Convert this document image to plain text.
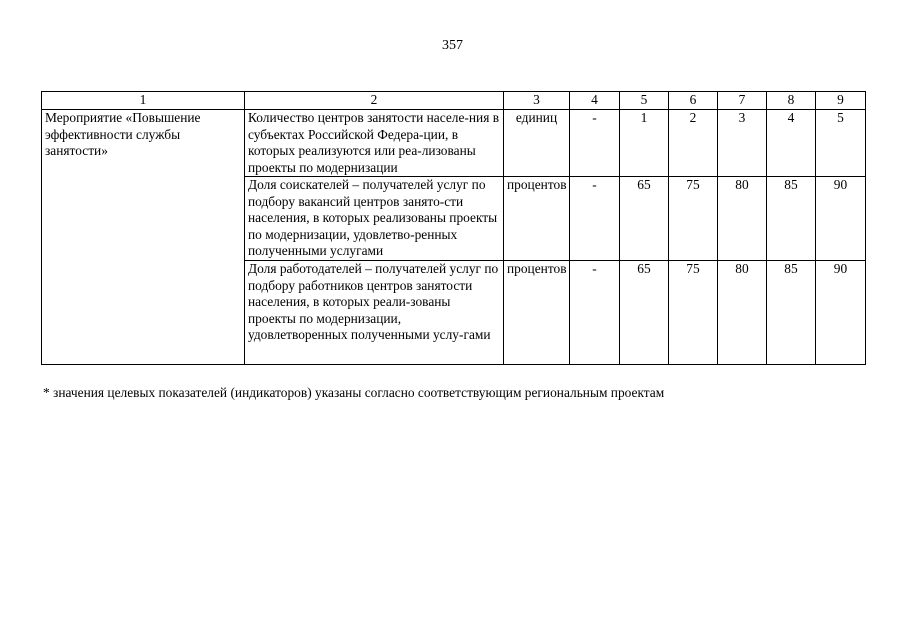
357
1	2	3	4	5	6	7	8	9
Мероприятие «Повышение эффективности службы занятости»	Количество центров занятости населе-ния в субъектах Российской Федера-ции, в которых реализуются или реа-лизованы проекты по модернизации	единиц	-	1	2	3	4	5
	Доля соискателей – получателей услуг по подбору вакансий центров занято-сти населения, в которых реализованы проекты по модернизации, удовлетво-ренных полученными услугами	процентов	-	65	75	80	85	90
	Доля работодателей – получателей услуг по подбору работников центров занятости населения, в которых реали-зованы проекты по модернизации, удовлетворенных полученными услу-гами	процентов	-	65	75	80	85	90
* значения целевых показателей (индикаторов) указаны согласно соответствующим региональным проектам
